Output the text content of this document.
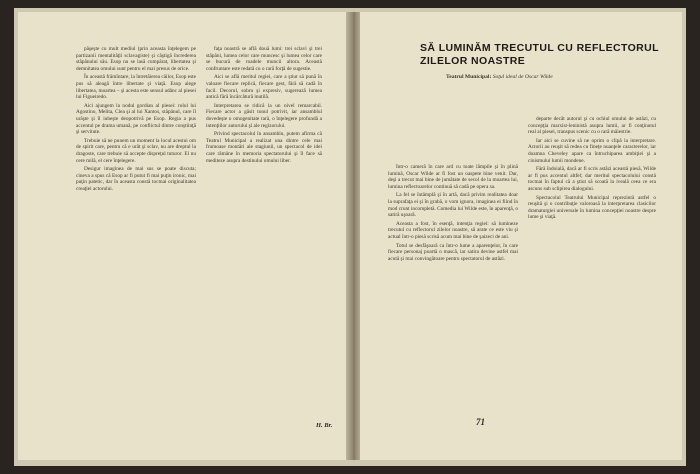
păşeşte cu mult mediul (prin aceasta înţelegem pe partizanii mentalităţii sclavagiste) şi câştigă încrederea stăpânului său. Esop nu se lasă cumpărat, libertatea şi demnitatea omului sunt pentru el mai presus de orice.

În această frămîntare, la întretăierea căilor, Esop este pus să aleagă între libertate şi viaţă. Esop alege libertatea, moartea – şi acesta este sensul adânc al piesei lui Figueiredo.

Aici ajungem la nodul gordian al piesei: rolul lui Agostino, Melita, Clea şi al lui Xantos, stăpânul, care îl urăşte şi îl iubeşte deopotrivă pe Esop. Regia a pus accentul pe drama umană, pe conflictul dintre conştiinţă şi servitute.

Trebuie să ne punem un moment la locul acestui om de spirit care, pentru că e urât şi sclav, nu are dreptul la dragoste, care trebuie să accepte dispreţul tuturor. El nu cere milă, el cere înţelegere.

Desigur imaginea de mai sus se poate discuta; cineva a spus că Esop ar fi putut fi mai puţin ironic, mai puţin patetic, dar în aceasta constă tocmai originalitatea creaţiei actorului.

faţa noastră se află două lumi: trei sclavi şi trei stăpâni, lumea celor care muncesc şi lumea celor care se bucură de roadele muncii altora. Această confruntare este redată cu o rară forţă de sugestie.

Aici se află meritul regiei, care a ştiut să pună în valoare fiecare replică, fiecare gest, fără să cadă în facil. Decorul, sobru şi expresiv, sugerează lumea antică fără încărcătură inutilă.

Interpretarea se ridică la un nivel remarcabil. Fiecare actor a găsit tonul potrivit, iar ansamblul dovedeşte o omogenitate rară, o înţelegere profundă a intenţiilor autorului şi ale regizorului.

Privind spectacolul în ansamblu, putem afirma că Teatrul Municipal a realizat una dintre cele mai frumoase montări ale stagiunii, un spectacol de idei care rămâne în memoria spectatorului şi îl face să mediteze asupra destinului omului liber.

H. Br.
SĂ LUMINĂM TRECUTUL CU REFLECTORUL ZILELOR NOASTRE
Teatrul Municipal: Soţul ideal de Oscar Wilde

departe decât autorul şi cu ochiul omului de astăzi, cu concepţia marxist-leninistă asupra lumii, ar fi conţinutul real al piesei, transpus scenic cu o rară măiestrie.

Iar aici se cuvine să ne oprim o clipă la interpretare. Actorii au reuşit să redea cu fineţe nuanţele caracterelor, iar doamna Cheveley apare ca întruchiparea ambiţiei şi a cinismului lumii mondene.

Fără îndoială, dacă ar fi scris astăzi această piesă, Wilde ar fi pus accentul altfel; dar meritul spectacolului constă tocmai în faptul că a ştiut să scoată la iveală ceea ce era ascuns sub sclipirea dialogului.

Spectacolul Teatrului Municipal reprezintă astfel o reuşită şi o contribuţie valoroasă la interpretarea clasicilor dramaturgiei universale în lumina concepţiei noastre despre lume şi viaţă.

Într-o cameră în care ard cu toate lămpile şi în plină lumină, Oscar Wilde ar fi fost un oaspete bine venit. Dar, deşi a trecut mai bine de jumătate de secol de la moartea lui, lumina reflectoarelor continuă să cadă pe opera sa.

La fel se întâmplă şi în artă, dacă privim realitatea doar la suprafaţa ei şi în grabă, o vom ignora, imaginea ei fiind în mod crunt incompletă. Comedia lui Wilde este, în aparenţă, o satiră uşoară.

Aceasta a fost, în esenţă, intenţia regiei: să lumineze trecutul cu reflectorul zilelor noastre, să arate ce este viu şi actual într-o piesă scrisă acum mai bine de şaizeci de ani.

Totul se desfăşoară ca într-o lume a aparenţelor, în care fiecare personaj poartă o mască, iar satira devine astfel mai acută şi mai convingătoare pentru spectatorul de astăzi.

71
